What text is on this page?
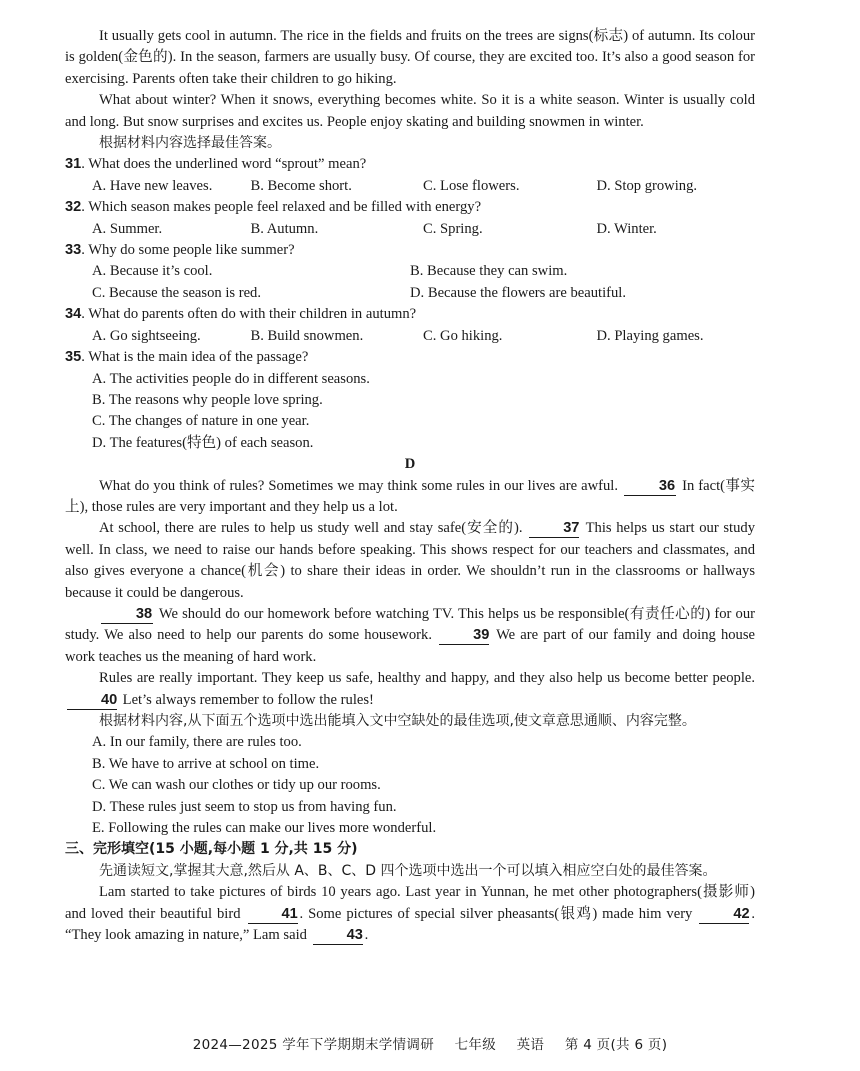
It usually gets cool in autumn. The rice in the fields and fruits on the trees are signs(标志) of autumn. Its colour is golden(金色的). In the season, farmers are usually busy. Of course, they are excited too. It’s also a good season for exercising. Parents often take their children to go hiking.

What about winter? When it snows, everything becomes white. So it is a white season. Winter is usually cold and long. But snow surprises and excites us. People enjoy skating and building snowmen in winter.

根据材料内容选择最佳答案。

31 . What does the underlined word “sprout” mean?
A. Have new leaves.	B. Become short.	C. Lose flowers.	D. Stop growing.
32 . Which season makes people feel relaxed and be filled with energy?
A. Summer.	B. Autumn.	C. Spring.	D. Winter.
33 . Why do some people like summer?
A. Because it’s cool.	B. Because they can swim.
C. Because the season is red.	D. Because the flowers are beautiful.
34 . What do parents often do with their children in autumn?
A. Go sightseeing.	B. Build snowmen.	C. Go hiking.	D. Playing games.
35 . What is the main idea of the passage?
A. The activities people do in different seasons.
B. The reasons why people love spring.
C. The changes of nature in one year.
D. The features(特色) of each season.
D

What do you think of rules? Sometimes we may think some rules in our lives are awful.	36 In fact(事实上), those rules are very important and they help us a lot.

At school, there are rules to help us study well and stay safe(安全的).	37 This helps us start our study well. In class, we need to raise our hands before speaking. This shows respect for our teachers and classmates, and also gives everyone a chance(机会) to share their ideas in order. We shouldn’t run in the classrooms or hallways because it could be dangerous.

38 We should do our homework before watching TV. This helps us be responsible(有责任心的) for our study. We also need to help our parents do some housework.	39 We are part of our family and doing house work teaches us the meaning of hard work.

Rules are really important. They keep us safe, healthy and happy, and they also help us become better people. 40 Let’s always remember to follow the rules!

根据材料内容,从下面五个选项中选出能填入文中空缺处的最佳选项,使文章意思通顺、内容完整。

A. In our family, there are rules too.
B. We have to arrive at school on time.
C. We can wash our clothes or tidy up our rooms.
D. These rules just seem to stop us from having fun.
E. Following the rules can make our lives more wonderful.
三、完形填空(15 小题,每小题 1 分,共 15 分)

先通读短文,掌握其大意,然后从 A、B、C、D 四个选项中选出一个可以填入相应空白处的最佳答案。

Lam started to take pictures of birds 10 years ago. Last year in Yunnan, he met other photographers(摄影师) and loved their beautiful bird	41 . Some pictures of special silver pheasants(银鸡) made him very	42 . “They look amazing in nature,” Lam said	43 .

2024—2025 学年下学期期末学情调研 七年级 英语 第 4 页(共 6 页)
